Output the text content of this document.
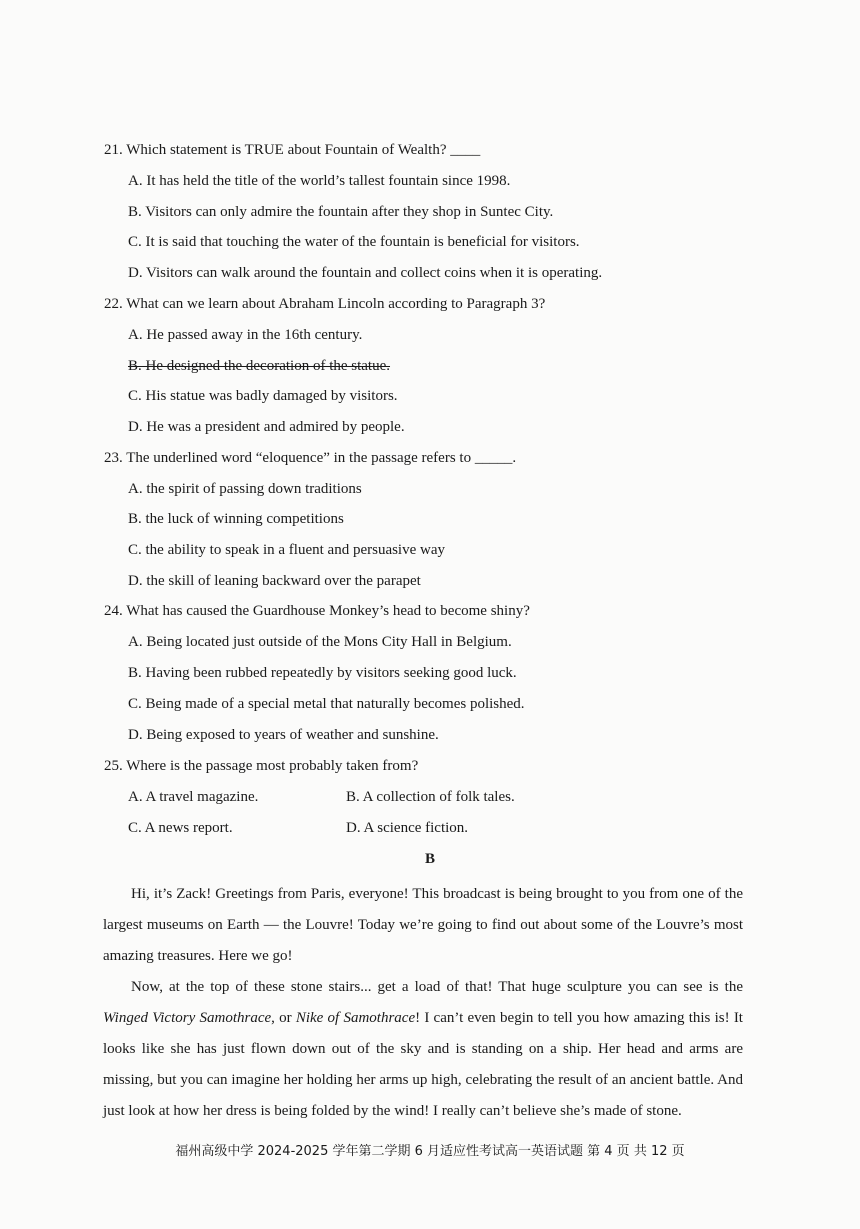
21. Which statement is TRUE about Fountain of Wealth? ____
A. It has held the title of the world’s tallest fountain since 1998.
B. Visitors can only admire the fountain after they shop in Suntec City.
C. It is said that touching the water of the fountain is beneficial for visitors.
D. Visitors can walk around the fountain and collect coins when it is operating.
22. What can we learn about Abraham Lincoln according to Paragraph 3?
A. He passed away in the 16th century.
B. He designed the decoration of the statue.
C. His statue was badly damaged by visitors.
D. He was a president and admired by people.
23. The underlined word “eloquence” in the passage refers to _____.
A. the spirit of passing down traditions
B. the luck of winning competitions
C. the ability to speak in a fluent and persuasive way
D. the skill of leaning backward over the parapet
24. What has caused the Guardhouse Monkey’s head to become shiny?
A. Being located just outside of the Mons City Hall in Belgium.
B. Having been rubbed repeatedly by visitors seeking good luck.
C. Being made of a special metal that naturally becomes polished.
D. Being exposed to years of weather and sunshine.
25. Where is the passage most probably taken from?
A. A travel magazine.	B. A collection of folk tales.
C. A news report.	D. A science fiction.
B
Hi, it’s Zack! Greetings from Paris, everyone! This broadcast is being brought to you from one of the largest museums on Earth — the Louvre! Today we’re going to find out about some of the Louvre’s most amazing treasures. Here we go!
Now, at the top of these stone stairs... get a load of that! That huge sculpture you can see is the Winged Victory Samothrace, or Nike of Samothrace! I can’t even begin to tell you how amazing this is! It looks like she has just flown down out of the sky and is standing on a ship. Her head and arms are missing, but you can imagine her holding her arms up high, celebrating the result of an ancient battle. And just look at how her dress is being folded by the wind! I really can’t believe she’s made of stone.
福州高级中学 2024-2025 学年第二学期 6 月适应性考试高一英语试题 第 4 页 共 12 页
